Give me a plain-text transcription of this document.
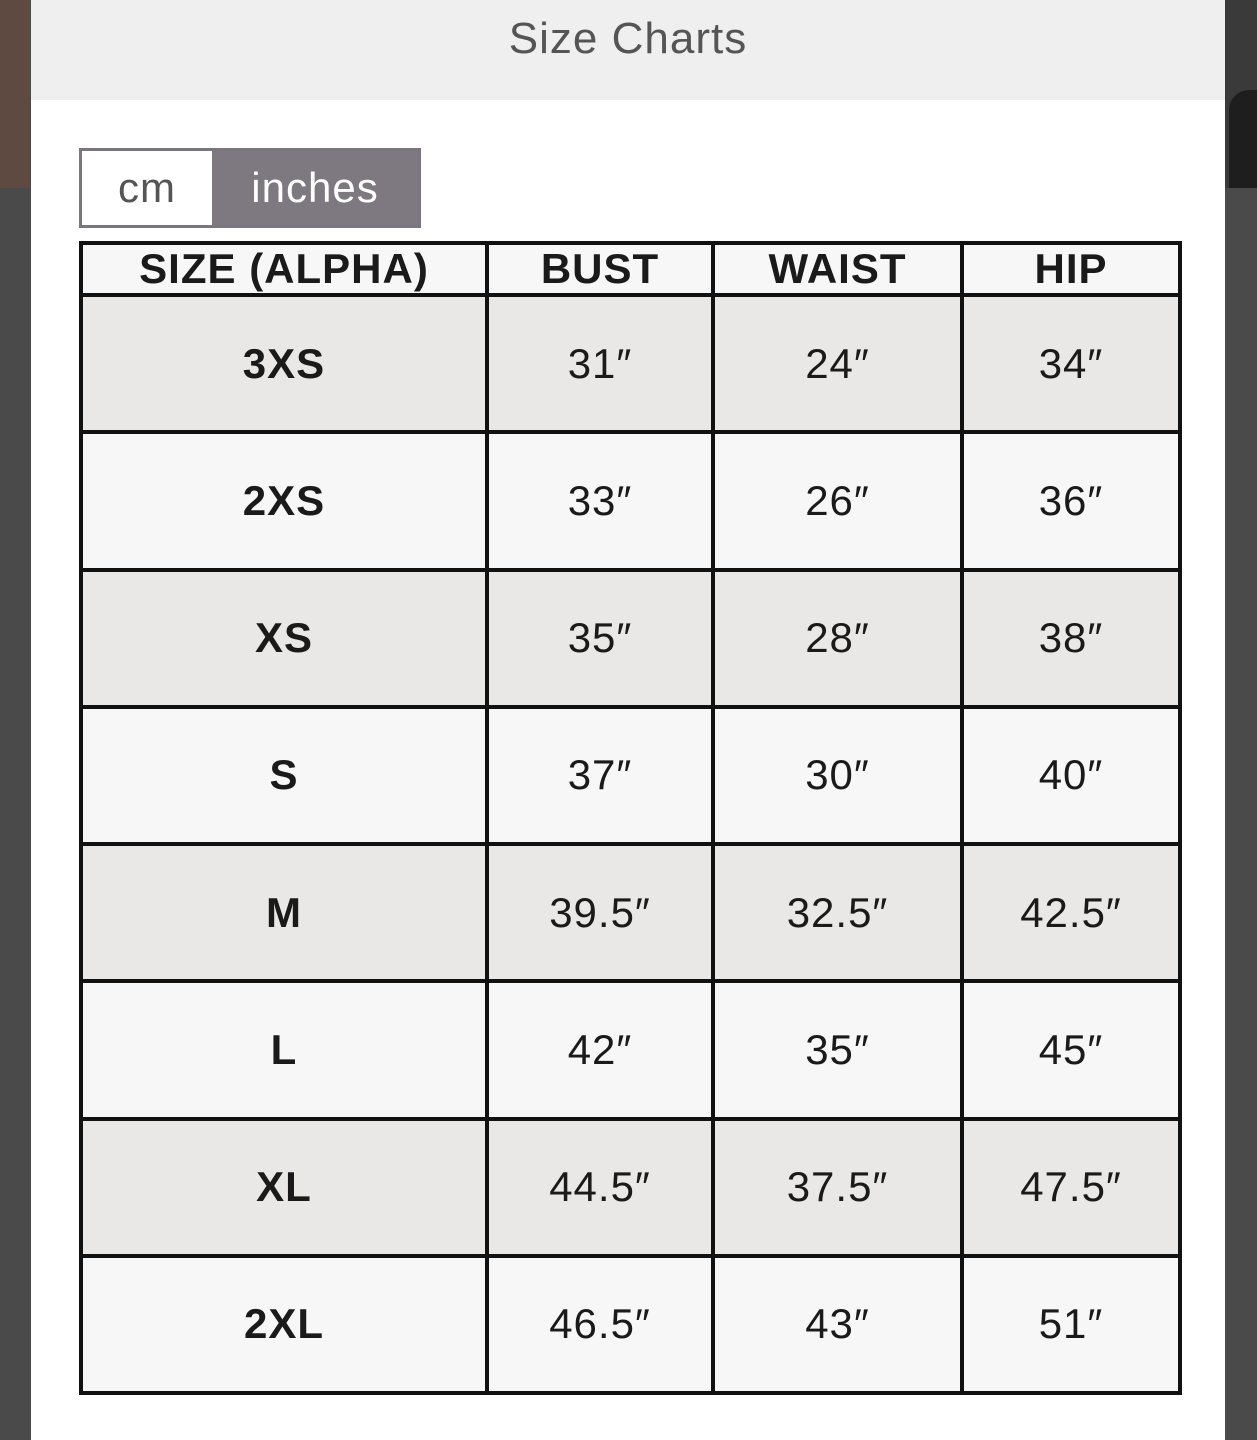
Size Charts
cm	inches
SIZE (ALPHA)	BUST	WAIST	HIP
3XS	31″	24″	34″
2XS	33″	26″	36″
XS	35″	28″	38″
S	37″	30″	40″
M	39.5″	32.5″	42.5″
L	42″	35″	45″
XL	44.5″	37.5″	47.5″
2XL	46.5″	43″	51″
